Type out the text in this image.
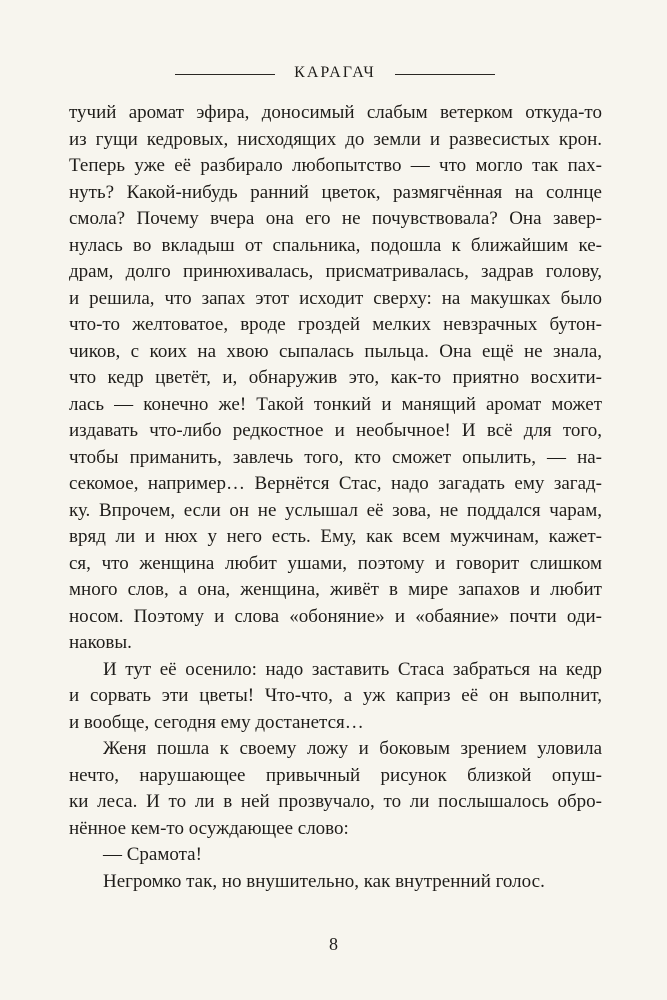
КАРАГАЧ
тучий аромат эфира, доносимый слабым ветерком откуда-то
из гущи кедровых, нисходящих до земли и развесистых крон.
Теперь уже её разбирало любопытство — что могло так пах-
нуть? Какой-нибудь ранний цветок, размягчённая на солнце
смола? Почему вчера она его не почувствовала? Она завер-
нулась во вкладыш от спальника, подошла к ближайшим ке-
драм, долго принюхивалась, присматривалась, задрав голову,
и решила, что запах этот исходит сверху: на макушках было
что-то желтоватое, вроде гроздей мелких невзрачных бутон-
чиков, с коих на хвою сыпалась пыльца. Она ещё не знала,
что кедр цветёт, и, обнаружив это, как-то приятно восхити-
лась — конечно же! Такой тонкий и манящий аромат может
издавать что-либо редкостное и необычное! И всё для того,
чтобы приманить, завлечь того, кто сможет опылить, — на-
секомое, например… Вернётся Стас, надо загадать ему загад-
ку. Впрочем, если он не услышал её зова, не поддался чарам,
вряд ли и нюх у него есть. Ему, как всем мужчинам, кажет-
ся, что женщина любит ушами, поэтому и говорит слишком
много слов, а она, женщина, живёт в мире запахов и любит
носом. Поэтому и слова «обоняние» и «обаяние» почти оди-
наковы.
И тут её осенило: надо заставить Стаса забраться на кедр
и сорвать эти цветы! Что-что, а уж каприз её он выполнит,
и вообще, сегодня ему достанется…
Женя пошла к своему ложу и боковым зрением уловила
нечто, нарушающее привычный рисунок близкой опуш-
ки леса. И то ли в ней прозвучало, то ли послышалось обро-
нённое кем-то осуждающее слово:
— Срамота!
Негромко так, но внушительно, как внутренний голос.
8
